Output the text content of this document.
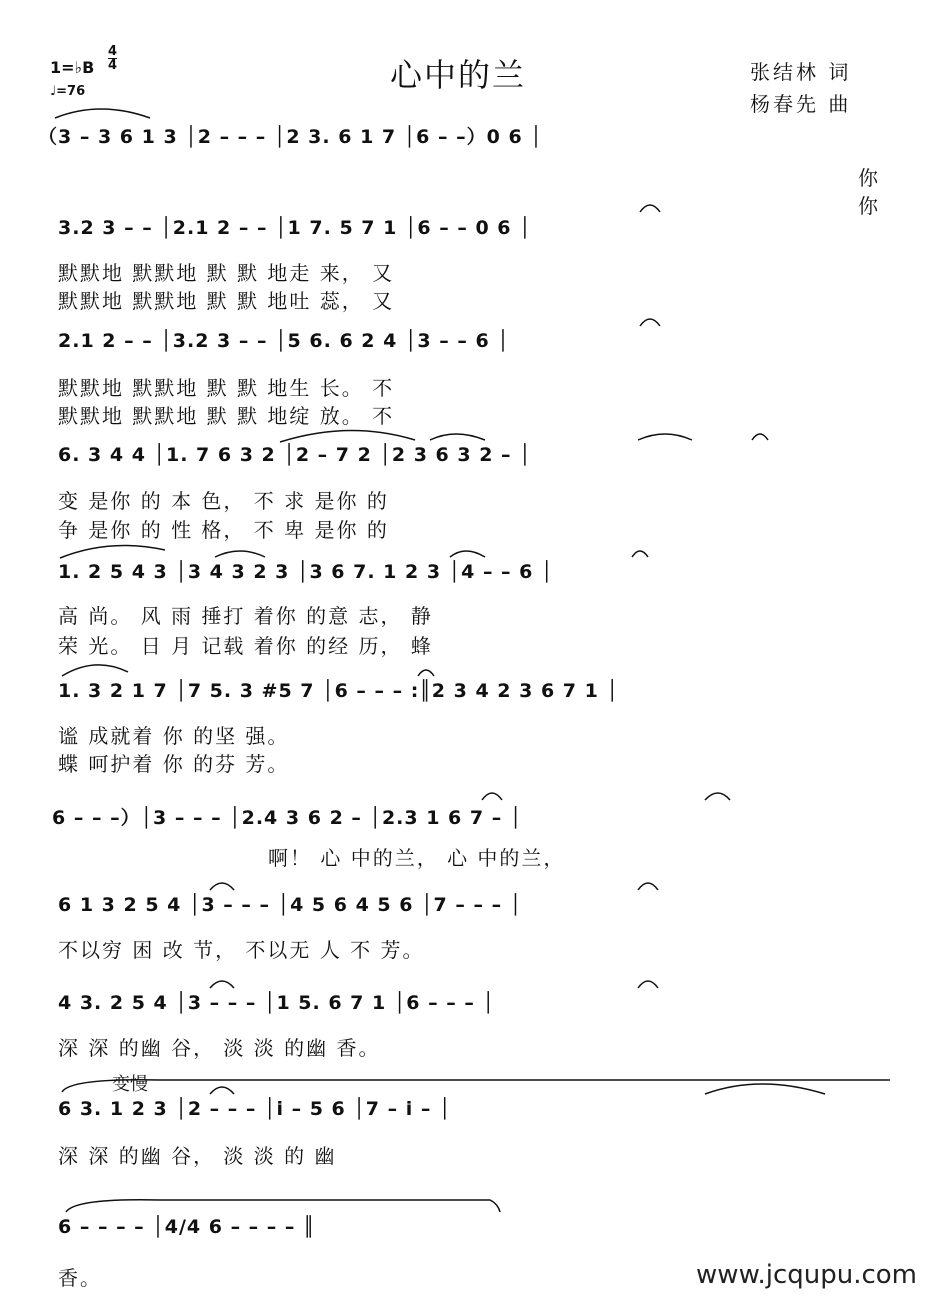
心中的兰	张结林 词
杨春先 曲
1=♭B
4
4
♩=76
（3 – 3 6 1 3 │2 – – – │2 3. 6 1 7 │6 – –）0 6 │
你
你
3.2 3 – – │2.1 2 – – │1 7. 5 7 1 │6 – – 0 6 │
默默地 默默地 默 默 地走 来， 又
默默地 默默地 默 默 地吐 蕊， 又
2.1 2 – – │3.2 3 – – │5 6. 6 2 4 │3 – – 6 │
默默地 默默地 默 默 地生 长。 不
默默地 默默地 默 默 地绽 放。 不
6. 3 4 4 │1. 7 6 3 2 │2 – 7 2 │2 3 6 3 2 – │
变 是你 的 本 色， 不 求 是你 的
争 是你 的 性 格， 不 卑 是你 的
1. 2 5 4 3 │3 4 3 2 3 │3 6 7. 1 2 3 │4 – – 6 │
高 尚。 风 雨 捶打 着你 的意 志， 静
荣 光。 日 月 记载 着你 的经 历， 蜂
1. 3 2 1 7 │7 5. 3 #5 7 │6 – – – :║2 3 4 2 3 6 7 1 │
谧 成就着 你 的坚 强。
蝶 呵护着 你 的芬 芳。
6 – – –）│3 – – – │2.4 3 6 2 – │2.3 1 6 7 – │
啊！ 心 中的兰， 心 中的兰，
6 1 3 2 5 4 │3 – – – │4 5 6 4 5 6 │7 – – – │
不以穷 困 改 节， 不以无 人 不 芳。
4 3. 2 5 4 │3 – – – │1 5. 6 7 1 │6 – – – │
深 深 的幽 谷， 淡 淡 的幽 香。
变慢
6 3. 1 2 3 │2 – – – │i – 5 6 │7 – i – │
深 深 的幽 谷， 淡 淡 的 幽
6 – – – – │4/4 6 – – – – ║
香。	www.jcqupu.com
